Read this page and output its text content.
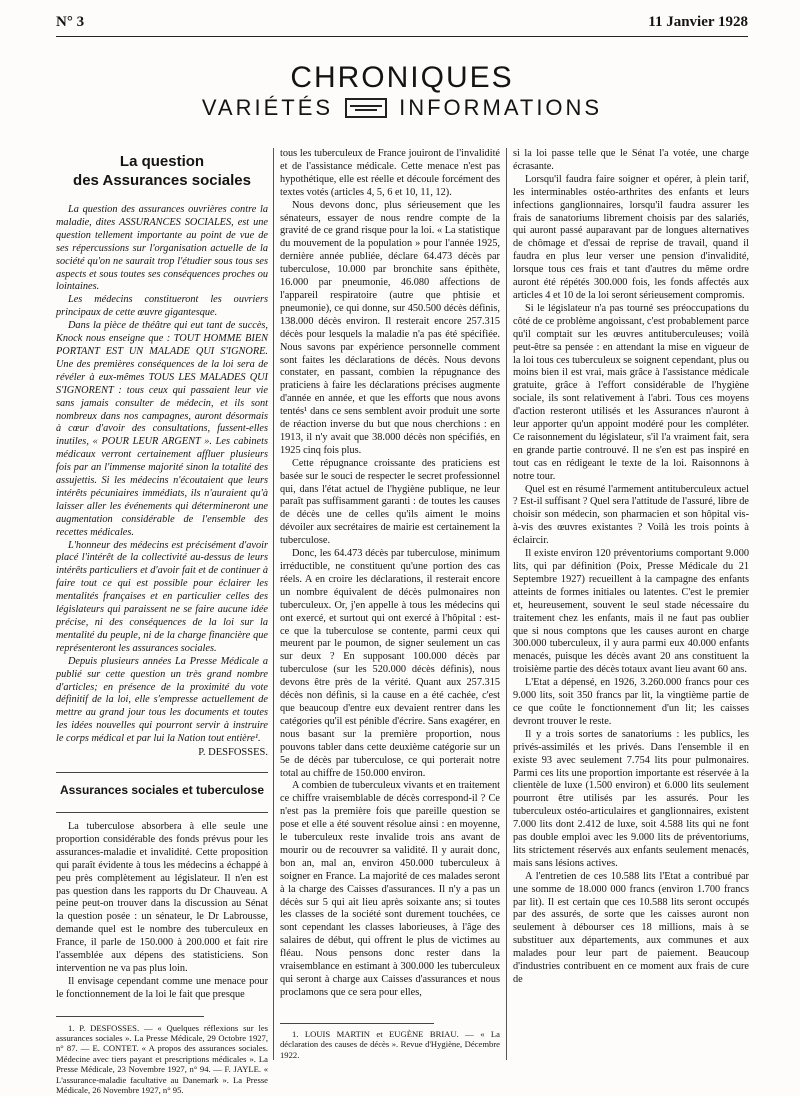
N° 3	11 Janvier 1928
CHRONIQUES
VARIÉTÉS	INFORMATIONS
La question
des Assurances sociales

La question des assurances ouvrières contre la maladie, dites ASSURANCES SOCIALES, est une question tellement importante au point de vue de ses répercussions sur l'organisation actuelle de la société qu'on ne saurait trop l'étudier sous tous ses aspects et sous toutes ses conséquences proches ou lointaines.

Les médecins constitueront les ouvriers principaux de cette œuvre gigantesque.

Dans la pièce de théâtre qui eut tant de succès, Knock nous enseigne que : TOUT HOMME BIEN PORTANT EST UN MALADE QUI S'IGNORE. Une des premières conséquences de la loi sera de révéler à eux-mêmes TOUS LES MALADES QUI S'IGNORENT : tous ceux qui passaient leur vie sans jamais consulter de médecin, et ils sont nombreux dans nos campagnes, auront désormais à cœur d'avoir des consultations, fussent-elles inutiles, « POUR LEUR ARGENT ». Les cabinets médicaux verront certainement affluer plusieurs fois par an l'immense majorité sinon la totalité des assujettis. Si les médecins n'écoutaient que leurs intérêts pécuniaires immédiats, ils n'auraient qu'à laisser aller les événements qui détermineront une augmentation considérable de l'ensemble des recettes médicales.

L'honneur des médecins est précisément d'avoir placé l'intérêt de la collectivité au-dessus de leurs intérêts particuliers et d'avoir fait et de continuer à faire tout ce qui est possible pour éclairer les mentalités françaises et en particulier celles des législateurs qui paraissent ne se faire aucune idée précise, ni des conséquences de la loi sur la mentalité du peuple, ni de la charge financière que représenteront les assurances sociales.

Depuis plusieurs années La Presse Médicale a publié sur cette question un très grand nombre d'articles; en présence de la proximité du vote définitif de la loi, elle s'empresse actuellement de mettre au grand jour tous les documents et toutes les idées nouvelles qui pourront servir à instruire le corps médical et par lui la Nation tout entière¹.

P. DESFOSSES.
Assurances sociales et tuberculose

La tuberculose absorbera à elle seule une proportion considérable des fonds prévus pour les assurances-maladie et invalidité. Cette proposition qui paraît évidente à tous les médecins a échappé à peu près complètement au législateur. Il n'en est pas question dans les rapports du Dr Chauveau. A peine peut-on trouver dans la discussion au Sénat la question posée : un sénateur, le Dr Labrousse, demande quel est le nombre des tuberculeux en France, il parle de 150.000 à 200.000 et fait rire l'assemblée aux dépens des statisticiens. Son intervention ne va pas plus loin.

Il envisage cependant comme une menace pour le fonctionnement de la loi le fait que presque

1. P. DESFOSSES. — « Quelques réflexions sur les assurances sociales ». La Presse Médicale, 29 Octobre 1927, n° 87. — E. CONTET. « A propos des assurances sociales. Médecine avec tiers payant et prescriptions médicales ». La Presse Médicale, 23 Novembre 1927, n° 94. — F. JAYLE. « L'assurance-maladie facultative au Danemark ». La Presse Médicale, 26 Novembre 1927, n° 95.

tous les tuberculeux de France jouiront de l'invalidité et de l'assistance médicale. Cette menace n'est pas hypothétique, elle est réelle et découle forcément des textes votés (articles 4, 5, 6 et 10, 11, 12).

Nous devons donc, plus sérieusement que les sénateurs, essayer de nous rendre compte de la gravité de ce grand risque pour la loi. « La statistique du mouvement de la population » pour l'année 1925, dernière année publiée, déclare 64.473 décès par tuberculose, 10.000 par bronchite sans épithète, 16.000 par pneumonie, 46.080 affections de l'appareil respiratoire (autre que phtisie et pneumonie), ce qui donne, sur 450.500 décès définis, 138.000 décès environ. Il resterait encore 257.315 décès pour lesquels la maladie n'a pas été spécifiée. Nous savons par expérience personnelle comment sont faites les déclarations de décès. Nous devons constater, en passant, combien la répugnance des praticiens à faire les déclarations précises augmente d'année en année, et que les efforts que nous avons tentés¹ dans ce sens semblent avoir produit une sorte de réaction inverse du but que nous cherchions : en 1913, il n'y avait que 38.000 décès non spécifiés, en 1925 cinq fois plus.

Cette répugnance croissante des praticiens est basée sur le souci de respecter le secret professionnel qui, dans l'état actuel de l'hygiène publique, ne leur paraît pas suffisamment garanti : de toutes les causes de décès une de celles qu'ils aiment le moins dévoiler aux secrétaires de mairie est certainement la tuberculose.

Donc, les 64.473 décès par tuberculose, minimum irréductible, ne constituent qu'une portion des cas réels. A en croire les déclarations, il resterait encore un nombre équivalent de décès pulmonaires non tuberculeux. Or, j'en appelle à tous les médecins qui ont exercé, et surtout qui ont exercé à l'hôpital : est-ce que la tuberculose se contente, parmi ceux qui meurent par le poumon, de signer seulement un cas sur deux ? En supposant 100.000 décès par tuberculose (sur les 520.000 décès définis), nous devons être près de la vérité. Quant aux 257.315 décès non définis, si la cause en a été cachée, c'est que beaucoup d'entre eux devaient rentrer dans les catégories qu'il est pénible d'écrire. Sans exagérer, en nous basant sur la première proportion, nous pouvons tabler dans cette deuxième catégorie sur un 5e de décès par tuberculose, ce qui porterait notre total au chiffre de 150.000 environ.

A combien de tuberculeux vivants et en traitement ce chiffre vraisemblable de décès correspond-il ? Ce n'est pas la première fois que pareille question se pose et elle a été souvent résolue ainsi : en moyenne, le tuberculeux reste invalide trois ans avant de mourir ou de recouvrer sa validité. Il y aurait donc, bon an, mal an, environ 450.000 tuberculeux à soigner en France. La majorité de ces malades seront à la charge des Caisses d'assurances. Il n'y a pas un décès sur 5 qui ait lieu après soixante ans; si toutes les classes de la société sont durement touchées, ce sont cependant les classes laborieuses, à l'âge des salaires de début, qui offrent le plus de victimes au fléau. Nous pensons donc rester dans la vraisemblance en estimant à 300.000 les tuberculeux qui seront à charge aux Caisses d'assurances et nous proclamons que ce sera pour elles,

1. LOUIS MARTIN et EUGÈNE BRIAU. — « La déclaration des causes de décès ». Revue d'Hygiène, Décembre 1922.

si la loi passe telle que le Sénat l'a votée, une charge écrasante.

Lorsqu'il faudra faire soigner et opérer, à plein tarif, les interminables ostéo-arthrites des enfants et leurs infections ganglionnaires, lorsqu'il faudra assurer les frais de sanatoriums librement choisis par des salariés, qui auront passé auparavant par de longues alternatives de chômage et d'essai de reprise de travail, quand il faudra en plus leur verser une pension d'invalidité, lorsque tous ces frais et tant d'autres du même ordre auront été répétés 300.000 fois, les fonds affectés aux articles 4 et 10 de la loi seront sérieusement compromis.

Si le législateur n'a pas tourné ses préoccupations du côté de ce problème angoissant, c'est probablement parce qu'il comptait sur les œuvres antituberculeuses; voilà peut-être sa pensée : en attendant la mise en vigueur de la loi tous ces tuberculeux se soignent cependant, plus ou moins bien il est vrai, mais grâce à l'assistance médicale gratuite, grâce à l'effort considérable de l'hygiène sociale, ils sont relativement à l'abri. Tous ces moyens d'action resteront utilisés et les Assurances n'auront à leur apporter qu'un appoint modéré pour les compléter. Ce raisonnement du législateur, s'il l'a vraiment fait, sera en grande partie controuvé. Il ne s'en est pas inspiré en tout cas en rédigeant le texte de la loi. Raisonnons à notre tour.

Quel est en résumé l'armement antituberculeux actuel ? Est-il suffisant ? Quel sera l'attitude de l'assuré, libre de choisir son médecin, son pharmacien et son hôpital vis-à-vis des œuvres existantes ? Voilà les trois points à éclaircir.

Il existe environ 120 préventoriums comportant 9.000 lits, qui par définition (Poix, Presse Médicale du 21 Septembre 1927) recueillent à la campagne des enfants atteints de formes initiales ou latentes. C'est le premier et, heureusement, souvent le seul stade nécessaire du traitement chez les enfants, mais il ne faut pas oublier que si nous comptons que les causes auront en charge 300.000 tuberculeux, il y aura parmi eux 40.000 enfants menacés, puisque les décès avant 20 ans constituent la troisième partie des décès totaux avant lieu avant 60 ans.

L'Etat a dépensé, en 1926, 3.260.000 francs pour ces 9.000 lits, soit 350 francs par lit, la vingtième partie de ce que coûte le fonctionnement d'un lit; les caisses devront trouver le reste.

Il y a trois sortes de sanatoriums : les publics, les privés-assimilés et les privés. Dans l'ensemble il en existe 93 avec seulement 7.754 lits pour pulmonaires. Parmi ces lits une proportion importante est réservée à la clientèle de luxe (1.500 environ) et 6.000 lits seulement pourront être utilisés par les assurés. Pour les tuberculeux ostéo-articulaires et ganglionnaires, existent 7.000 lits dont 2.412 de luxe, soit 4.588 lits qui ne font pas double emploi avec les 9.000 lits de préventoriums, lits strictement réservés aux enfants seulement menacés, mais sans lésions actives.

A l'entretien de ces 10.588 lits l'Etat a contribué par une somme de 18.000 000 francs (environ 1.700 francs par lit). Il est certain que ces 10.588 lits seront occupés par des assurés, de sorte que les caisses auront non seulement à débourser ces 18 millions, mais à se substituer aux départements, aux communes et aux malades pour leur part de paiement. Beaucoup d'industries contribuent en ce moment aux frais de cure de
